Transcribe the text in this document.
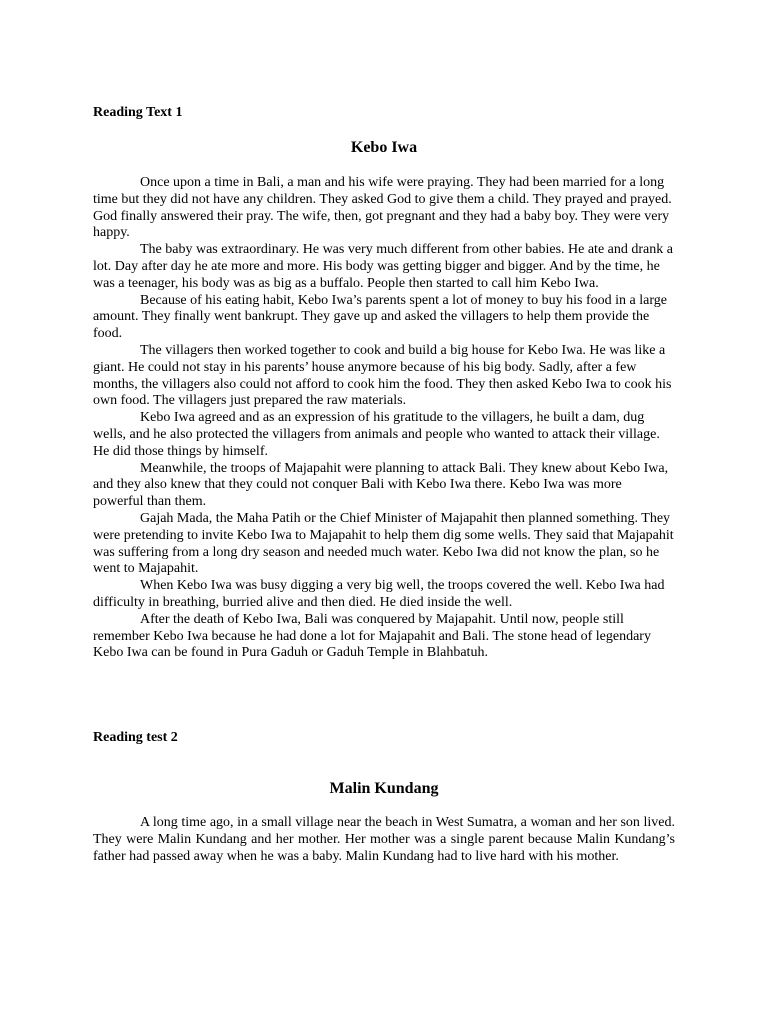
Reading Text 1
Kebo Iwa

Once upon a time in Bali, a man and his wife were praying. They had been married for a long time but they did not have any children. They asked God to give them a child. They prayed and prayed. God finally answered their pray. The wife, then, got pregnant and they had a baby boy. They were very happy.

The baby was extraordinary. He was very much different from other babies. He ate and drank a lot. Day after day he ate more and more. His body was getting bigger and bigger. And by the time, he was a teenager, his body was as big as a buffalo. People then started to call him Kebo Iwa.

Because of his eating habit, Kebo Iwa’s parents spent a lot of money to buy his food in a large amount. They finally went bankrupt. They gave up and asked the villagers to help them provide the food.

The villagers then worked together to cook and build a big house for Kebo Iwa. He was like a giant. He could not stay in his parents’ house anymore because of his big body. Sadly, after a few months, the villagers also could not afford to cook him the food. They then asked Kebo Iwa to cook his own food. The villagers just prepared the raw materials.

Kebo Iwa agreed and as an expression of his gratitude to the villagers, he built a dam, dug wells, and he also protected the villagers from animals and people who wanted to attack their village. He did those things by himself.

Meanwhile, the troops of Majapahit were planning to attack Bali. They knew about Kebo Iwa, and they also knew that they could not conquer Bali with Kebo Iwa there. Kebo Iwa was more powerful than them.

Gajah Mada, the Maha Patih or the Chief Minister of Majapahit then planned something. They were pretending to invite Kebo Iwa to Majapahit to help them dig some wells. They said that Majapahit was suffering from a long dry season and needed much water. Kebo Iwa did not know the plan, so he went to Majapahit.

When Kebo Iwa was busy digging a very big well, the troops covered the well. Kebo Iwa had difficulty in breathing, burried alive and then died. He died inside the well.

After the death of Kebo Iwa, Bali was conquered by Majapahit. Until now, people still remember Kebo Iwa because he had done a lot for Majapahit and Bali. The stone head of legendary Kebo Iwa can be found in Pura Gaduh or Gaduh Temple in Blahbatuh.

Reading test 2
Malin Kundang

A long time ago, in a small village near the beach in West Sumatra, a woman and her son lived. They were Malin Kundang and her mother. Her mother was a single parent because Malin Kundang’s father had passed away when he was a baby. Malin Kundang had to live hard with his mother.
